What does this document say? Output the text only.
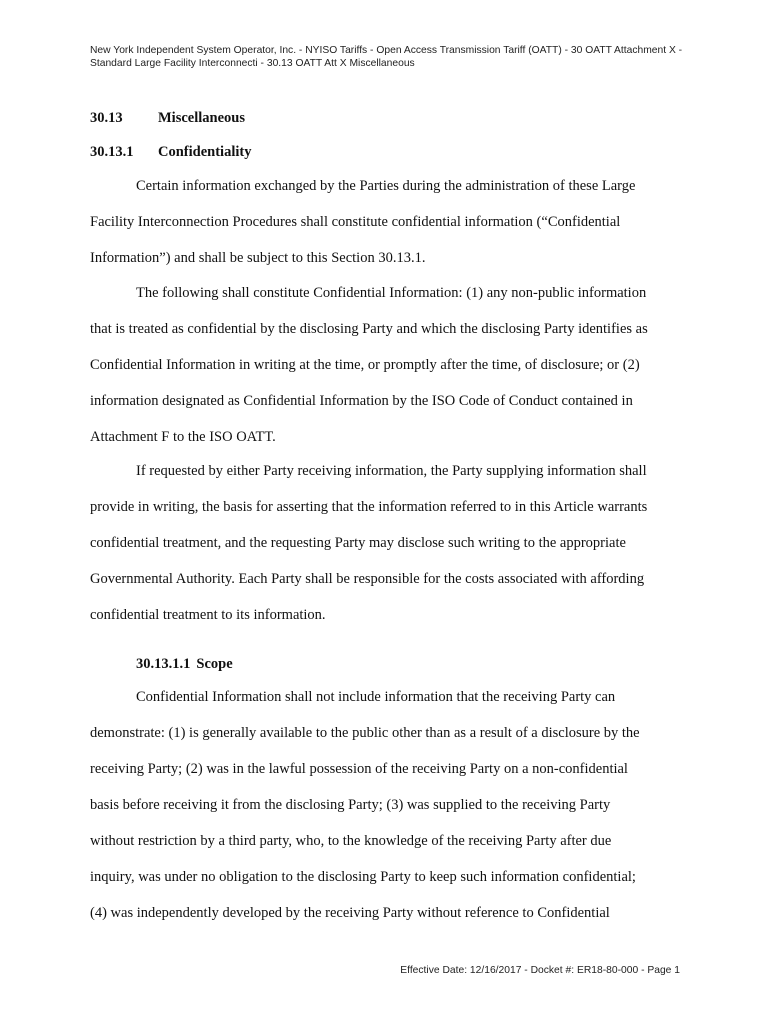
New York Independent System Operator, Inc. - NYISO Tariffs - Open Access Transmission Tariff (OATT) - 30 OATT Attachment X -
Standard Large Facility Interconnecti - 30.13 OATT Att X Miscellaneous
30.13 Miscellaneous
30.13.1 Confidentiality

Certain information exchanged by the Parties during the administration of these Large
Facility Interconnection Procedures shall constitute confidential information (“Confidential
Information”) and shall be subject to this Section 30.13.1.

The following shall constitute Confidential Information: (1) any non-public information
that is treated as confidential by the disclosing Party and which the disclosing Party identifies as
Confidential Information in writing at the time, or promptly after the time, of disclosure; or (2)
information designated as Confidential Information by the ISO Code of Conduct contained in
Attachment F to the ISO OATT.

If requested by either Party receiving information, the Party supplying information shall
provide in writing, the basis for asserting that the information referred to in this Article warrants
confidential treatment, and the requesting Party may disclose such writing to the appropriate
Governmental Authority. Each Party shall be responsible for the costs associated with affording
confidential treatment to its information.

30.13.1.1 Scope

Confidential Information shall not include information that the receiving Party can
demonstrate: (1) is generally available to the public other than as a result of a disclosure by the
receiving Party; (2) was in the lawful possession of the receiving Party on a non-confidential
basis before receiving it from the disclosing Party; (3) was supplied to the receiving Party
without restriction by a third party, who, to the knowledge of the receiving Party after due
inquiry, was under no obligation to the disclosing Party to keep such information confidential;
(4) was independently developed by the receiving Party without reference to Confidential

Effective Date: 12/16/2017 - Docket #: ER18-80-000 - Page 1
